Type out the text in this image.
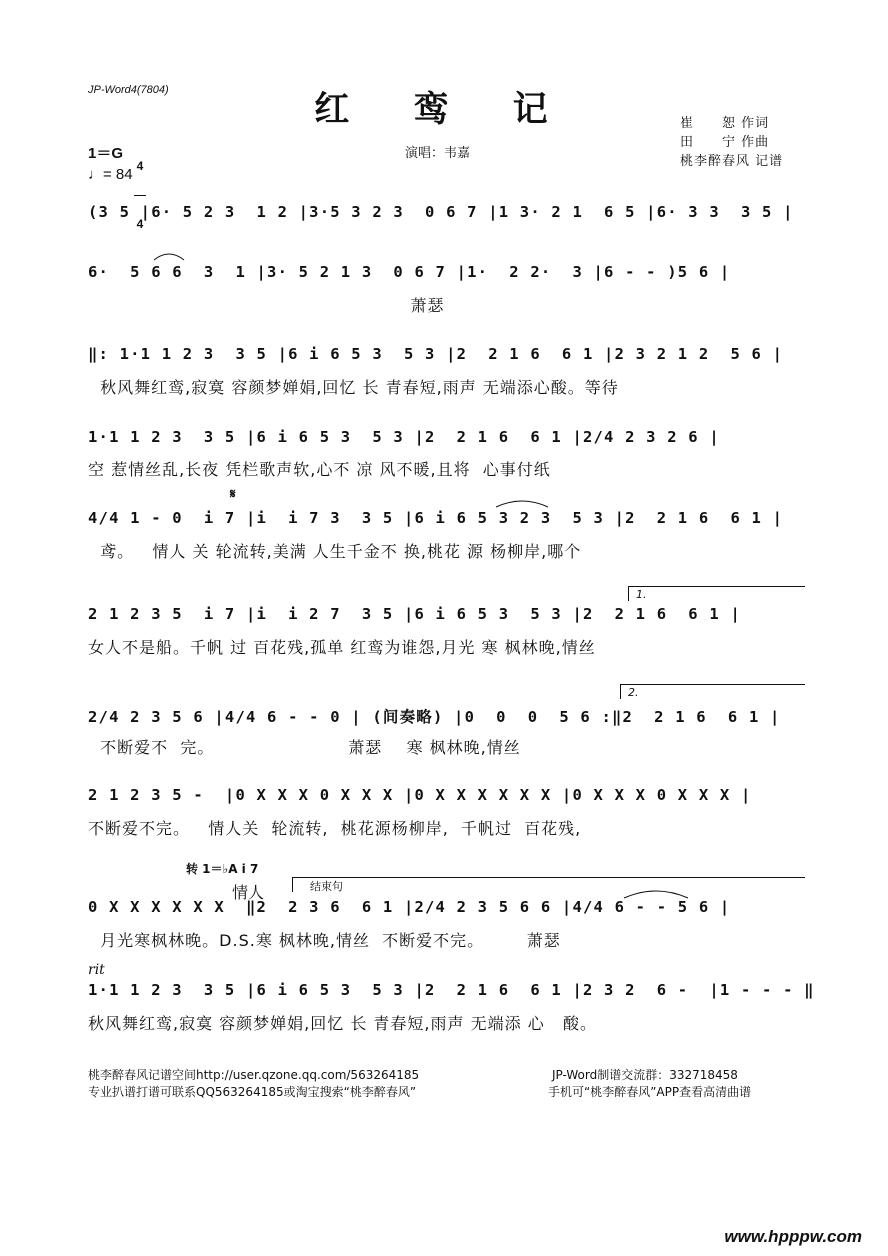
JP-Word4(7804)	红 鸾 记	崔　　恕 作词
田　　宁 作曲
桃李醉春风 记谱
1＝G

4

4

♩= 84
演唱：韦嘉
(3 5 |6· 5 2 3  1 2 |3·5 3 2 3  0 6 7 |1 3· 2 1  6 5 |6· 3 3  3 5 |
6·  5 6 6  3  1 |3· 5 2 1 3  0 6 7 |1·  2 2·  3 |6 - - )5 6 |
萧瑟
‖: 1·1 1 2 3  3 5 |6 i 6 5 3  5 3 |2  2 1 6  6 1 |2 3 2 1 2  5 6 |
秋风舞红鸾,寂寞 容颜梦婵娟,回忆 长 青春短,雨声 无端添心酸。等待
1·1 1 2 3  3 5 |6 i 6 5 3  5 3 |2  2 1 6  6 1 |2/4 2 3 2 6 |
空 惹情丝乱,长夜 凭栏歌声软,心不 凉 风不暖,且将  心事付纸
𝄋
4/4 1 - 0  i 7 |i  i 7 3  3 5 |6 i 6 5 3 2 3  5 3 |2  2 1 6  6 1 |
鸢。   情人 关 轮流转,美满 人生千金不 换,桃花 源 杨柳岸,哪个
1.
2 1 2 3 5  i 7 |i  i 2 7  3 5 |6 i 6 5 3  5 3 |2  2 1 6  6 1 |
女人不是船。千帆 过 百花残,孤单 红鸾为谁怨,月光 寒 枫林晚,情丝
2.
2/4 2 3 5 6 |4/4 6 - - 0 | (间奏略) |0  0  0  5 6 :‖2  2 1 6  6 1 |
不断爱不  完。                      萧瑟    寒 枫林晚,情丝
2 1 2 3 5 -  |0 X X X 0 X X X |0 X X X X X X |0 X X X 0 X X X |
不断爱不完。   情人关  轮流转,  桃花源杨柳岸,  千帆过  百花残,
转 1＝♭A i 7
情人	结束句
0 X X X X X X  ‖2  2 3 6  6 1 |2/4 2 3 5 6 6 |4/4 6 - - 5 6 |
月光寒枫林晚。D.S.寒 枫林晚,情丝  不断爱不完。       萧瑟
rit
1·1 1 2 3  3 5 |6 i 6 5 3  5 3 |2  2 1 6  6 1 |2 3 2  6 -  |1 - - - ‖
秋风舞红鸾,寂寞 容颜梦婵娟,回忆 长 青春短,雨声 无端添 心   酸。
桃李醉春风记谱空间http://user.qzone.qq.com/563264185
专业扒谱打谱可联系QQ563264185或淘宝搜索“桃李醉春风”
JP-Word制谱交流群：332718458
手机可“桃李醉春风”APP查看高清曲谱
www.hpppw.com
